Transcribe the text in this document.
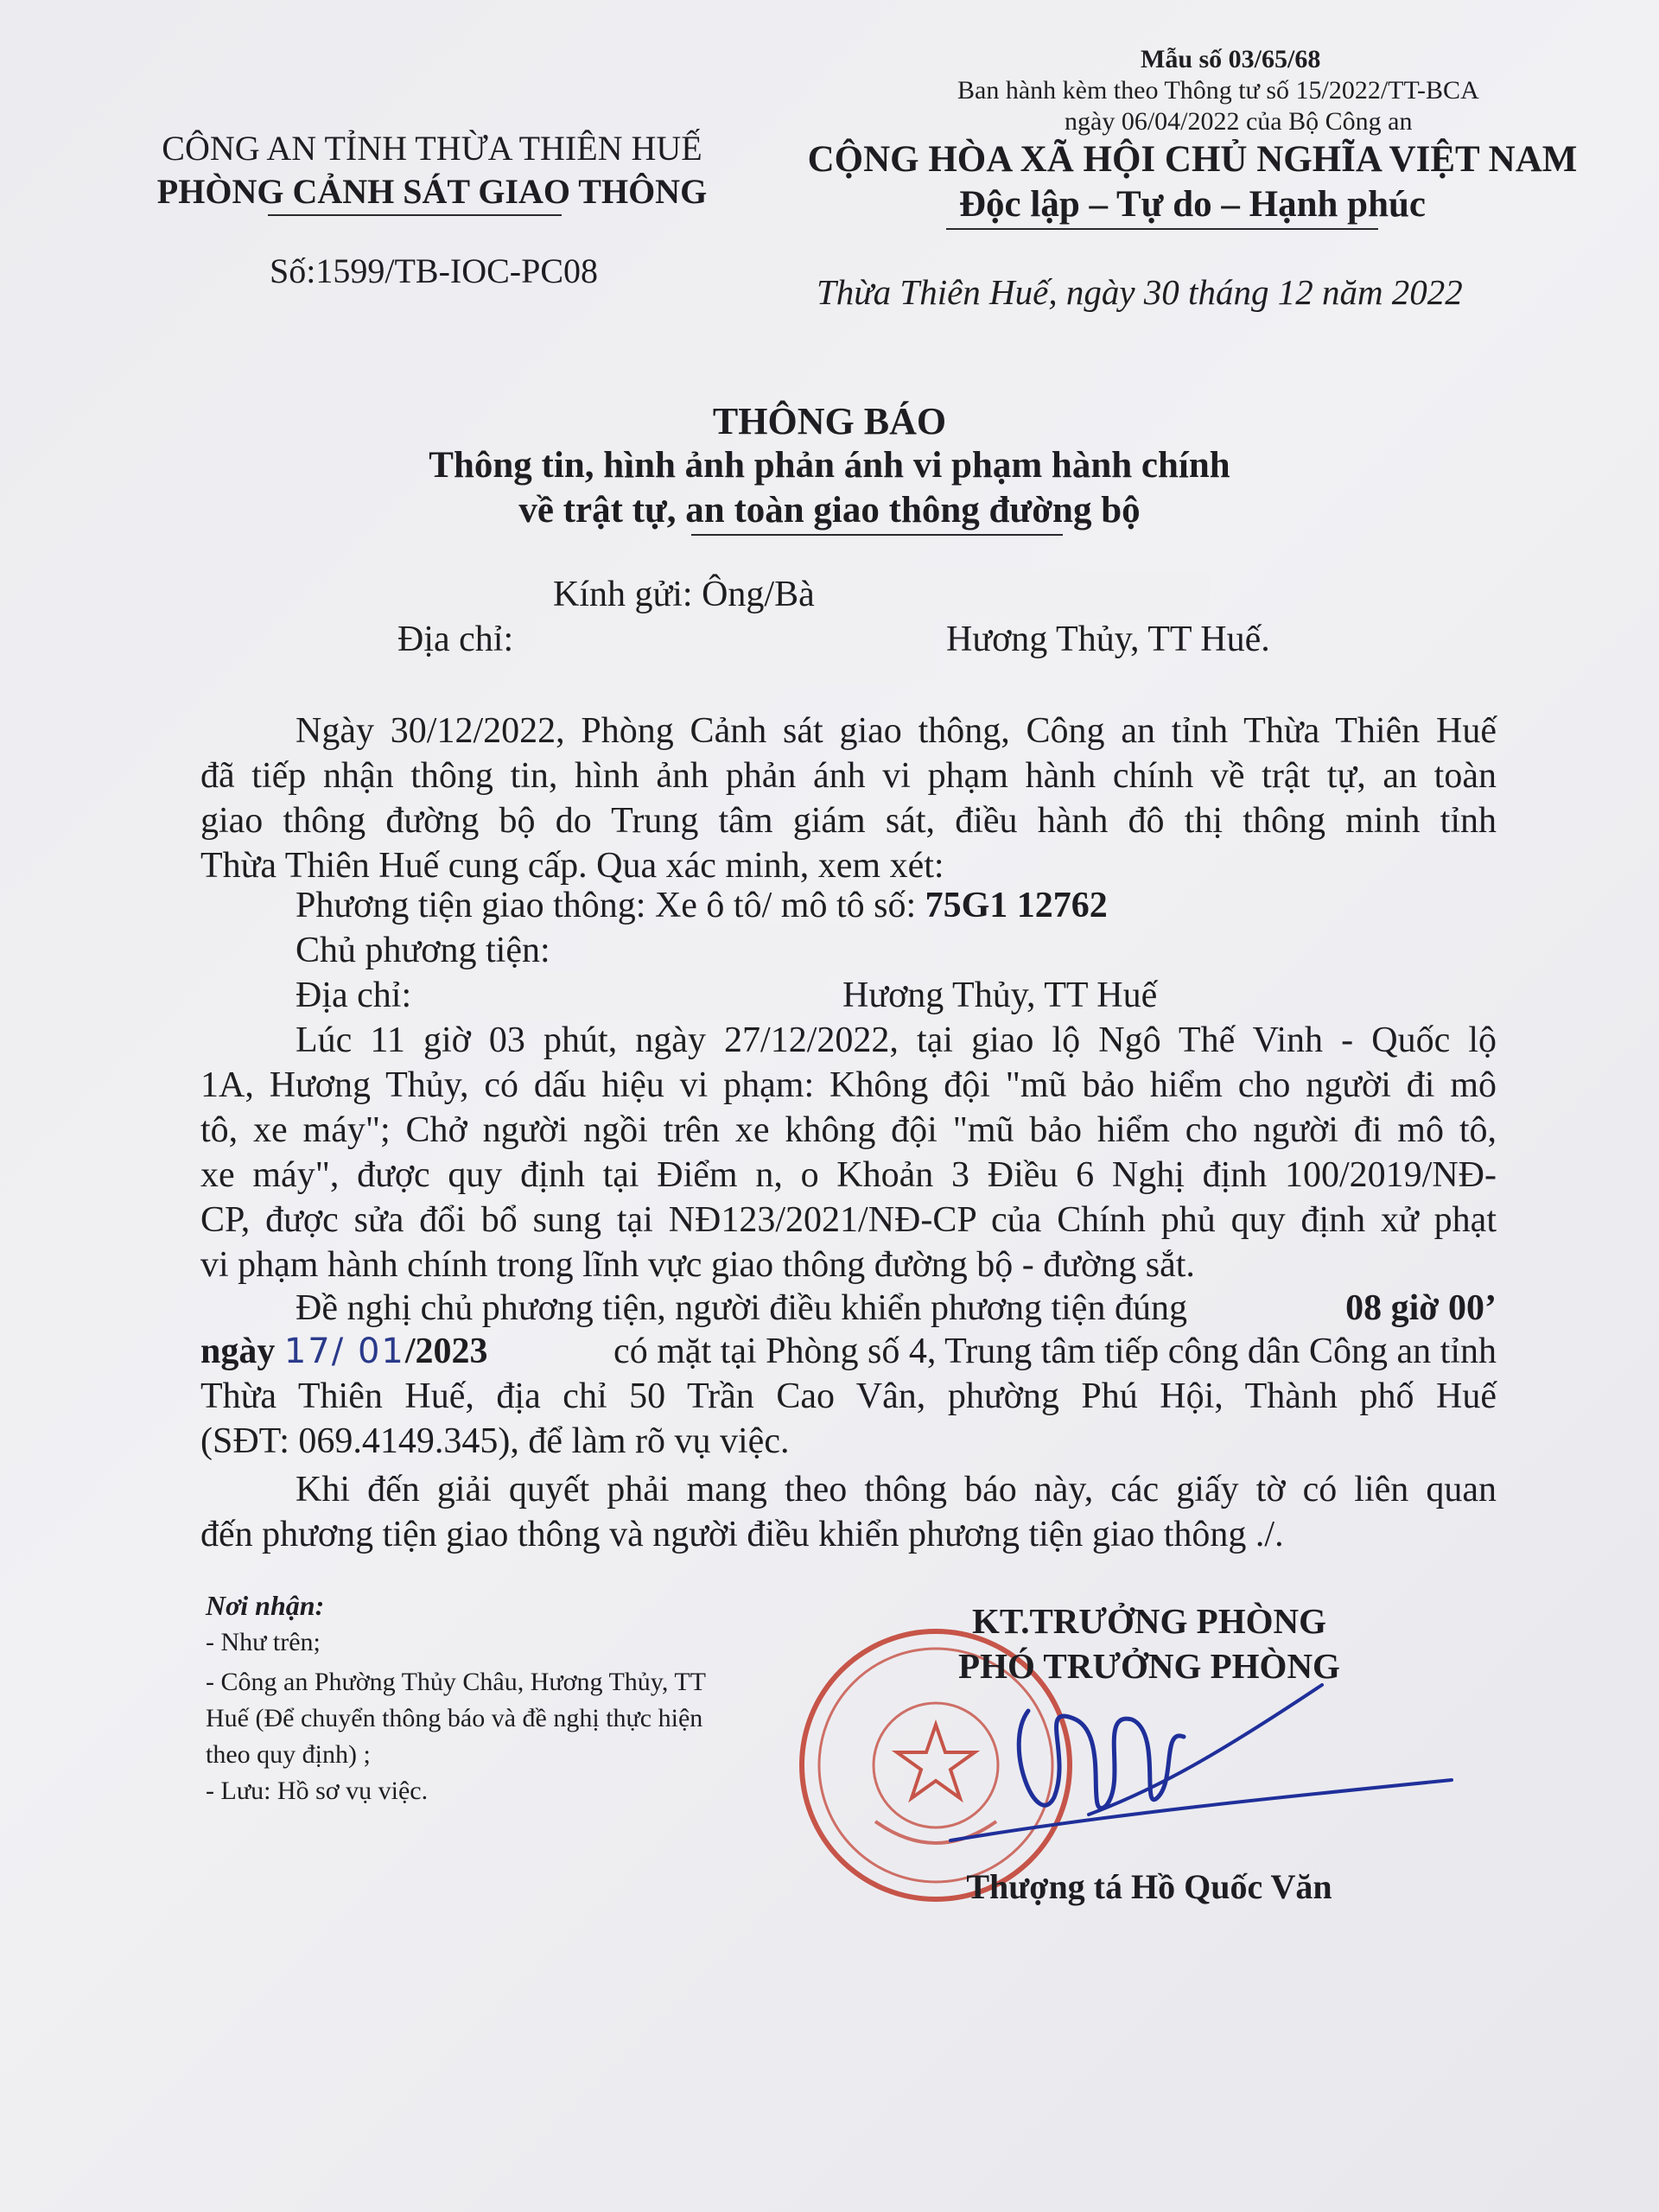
Mẫu số 03/65/68
Ban hành kèm theo Thông tư số 15/2022/TT-BCA
ngày 06/04/2022 của Bộ Công an
CÔNG AN TỈNH THỪA THIÊN HUẾ
PHÒNG CẢNH SÁT GIAO THÔNG
Số:1599/TB-IOC-PC08
CỘNG HÒA XÃ HỘI CHỦ NGHĨA VIỆT NAM
Độc lập – Tự do – Hạnh phúc
Thừa Thiên Huế, ngày 30 tháng 12 năm 2022
THÔNG BÁO
Thông tin, hình ảnh phản ánh vi phạm hành chính
về trật tự, an toàn giao thông đường bộ
Kính gửi: Ông/Bà
Địa chỉ:	Hương Thủy, TT Huế.
Ngày 30/12/2022, Phòng Cảnh sát giao thông, Công an tỉnh Thừa Thiên Huế
đã tiếp nhận thông tin, hình ảnh phản ánh vi phạm hành chính về trật tự, an toàn
giao thông đường bộ do Trung tâm giám sát, điều hành đô thị thông minh tỉnh
Thừa Thiên Huế cung cấp. Qua xác minh, xem xét:
Phương tiện giao thông: Xe ô tô/ mô tô số: 75G1 12762
Chủ phương tiện:
Địa chỉ:	Hương Thủy, TT Huế
Lúc 11 giờ 03 phút, ngày 27/12/2022, tại giao lộ Ngô Thế Vinh - Quốc lộ
1A, Hương Thủy, có dấu hiệu vi phạm: Không đội "mũ bảo hiểm cho người đi mô
tô, xe máy"; Chở người ngồi trên xe không đội "mũ bảo hiểm cho người đi mô tô,
xe máy", được quy định tại Điểm n, o Khoản 3 Điều 6 Nghị định 100/2019/NĐ-
CP, được sửa đổi bổ sung tại NĐ123/2021/NĐ-CP của Chính phủ quy định xử phạt
vi phạm hành chính trong lĩnh vực giao thông đường bộ - đường sắt.
Đề nghị chủ phương tiện, người điều khiển phương tiện đúng	08 giờ 00’
ngày 17/ 01/2023	có mặt tại Phòng số 4, Trung tâm tiếp công dân Công an tỉnh
Thừa Thiên Huế, địa chỉ 50 Trần Cao Vân, phường Phú Hội, Thành phố Huế
(SĐT: 069.4149.345), để làm rõ vụ việc.
Khi đến giải quyết phải mang theo thông báo này, các giấy tờ có liên quan
đến phương tiện giao thông và người điều khiển phương tiện giao thông ./.
Nơi nhận:
- Như trên;
- Công an Phường Thủy Châu, Hương Thủy, TT
Huế (Để chuyển thông báo và đề nghị thực hiện
theo quy định) ;
- Lưu: Hồ sơ vụ việc.
KT.TRƯỞNG PHÒNG
PHÓ TRƯỞNG PHÒNG
Thượng tá Hồ Quốc Văn
